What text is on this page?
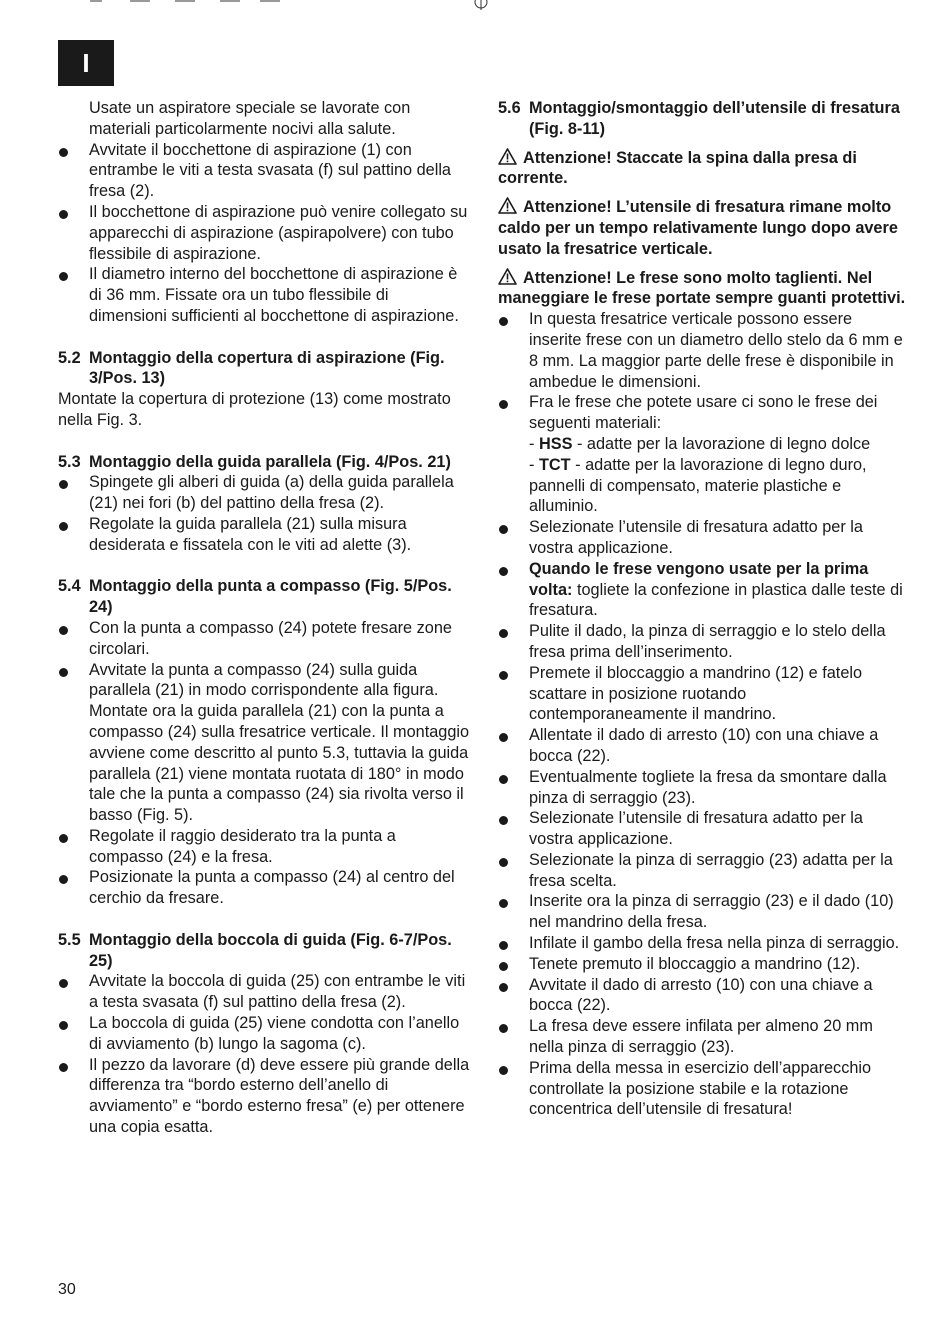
I

Usate un aspiratore speciale se lavorate con materiali particolarmente nocivi alla salute.

Avvitate il bocchettone di aspirazione (1) con entrambe le viti a testa svasata (f) sul pattino della fresa (2).

Il bocchettone di aspirazione può venire collegato su apparecchi di aspirazione (aspirapolvere) con tubo flessibile di aspirazione.

Il diametro interno del bocchettone di aspirazione è di 36 mm. Fissate ora un tubo flessibile di dimensioni sufficienti al bocchettone di aspirazione.

5.2 Montaggio della copertura di aspirazione (Fig. 3/Pos. 13)

Montate la copertura di protezione (13) come mostrato nella Fig. 3.

5.3 Montaggio della guida parallela (Fig. 4/Pos. 21)

Spingete gli alberi di guida (a) della guida parallela (21) nei fori (b) del pattino della fresa (2).

Regolate la guida parallela (21) sulla misura desiderata e fissatela con le viti ad alette (3).

5.4 Montaggio della punta a compasso (Fig. 5/Pos. 24)

Con la punta a compasso (24) potete fresare zone circolari.

Avvitate la punta a compasso (24) sulla guida parallela (21) in modo corrispondente alla figura. Montate ora la guida parallela (21) con la punta a compasso (24) sulla fresatrice verticale. Il montaggio avviene come descritto al punto 5.3, tuttavia la guida parallela (21) viene montata ruotata di 180° in modo tale che la punta a compasso (24) sia rivolta verso il basso (Fig. 5).

Regolate il raggio desiderato tra la punta a compasso (24) e la fresa.

Posizionate la punta a compasso (24) al centro del cerchio da fresare.

5.5 Montaggio della boccola di guida (Fig. 6-7/Pos. 25)

Avvitate la boccola di guida (25) con entrambe le viti a testa svasata (f) sul pattino della fresa (2).

La boccola di guida (25) viene condotta con l’anello di avviamento (b) lungo la sagoma (c).

Il pezzo da lavorare (d) deve essere più grande della differenza tra “bordo esterno dell’anello di avviamento” e “bordo esterno fresa” (e) per ottenere una copia esatta.

5.6 Montaggio/smontaggio dell’utensile di fresatura (Fig. 8-11)

Attenzione! Staccate la spina dalla presa di corrente.

Attenzione! L’utensile di fresatura rimane molto caldo per un tempo relativamente lungo dopo avere usato la fresatrice verticale.

Attenzione! Le frese sono molto taglienti. Nel maneggiare le frese portate sempre guanti protettivi.

In questa fresatrice verticale possono essere inserite frese con un diametro dello stelo da 6 mm e 8 mm. La maggior parte delle frese è disponibile in ambedue le dimensioni.

Fra le frese che potete usare ci sono le frese dei seguenti materiali:
- HSS - adatte per la lavorazione di legno dolce
- TCT - adatte per la lavorazione di legno duro, pannelli di compensato, materie plastiche e alluminio.

Selezionate l’utensile di fresatura adatto per la vostra applicazione.

Quando le frese vengono usate per la prima volta: togliete la confezione in plastica dalle teste di fresatura.

Pulite il dado, la pinza di serraggio e lo stelo della fresa prima dell’inserimento.

Premete il bloccaggio a mandrino (12) e fatelo scattare in posizione ruotando contemporaneamente il mandrino.

Allentate il dado di arresto (10) con una chiave a bocca (22).

Eventualmente togliete la fresa da smontare dalla pinza di serraggio (23).

Selezionate l’utensile di fresatura adatto per la vostra applicazione.

Selezionate la pinza di serraggio (23) adatta per la fresa scelta.

Inserite ora la pinza di serraggio (23) e il dado (10) nel mandrino della fresa.

Infilate il gambo della fresa nella pinza di serraggio.

Tenete premuto il bloccaggio a mandrino (12).

Avvitate il dado di arresto (10) con una chiave a bocca (22).

La fresa deve essere infilata per almeno 20 mm nella pinza di serraggio (23).

Prima della messa in esercizio dell’apparecchio controllate la posizione stabile e la rotazione concentrica dell’utensile di fresatura!

30
